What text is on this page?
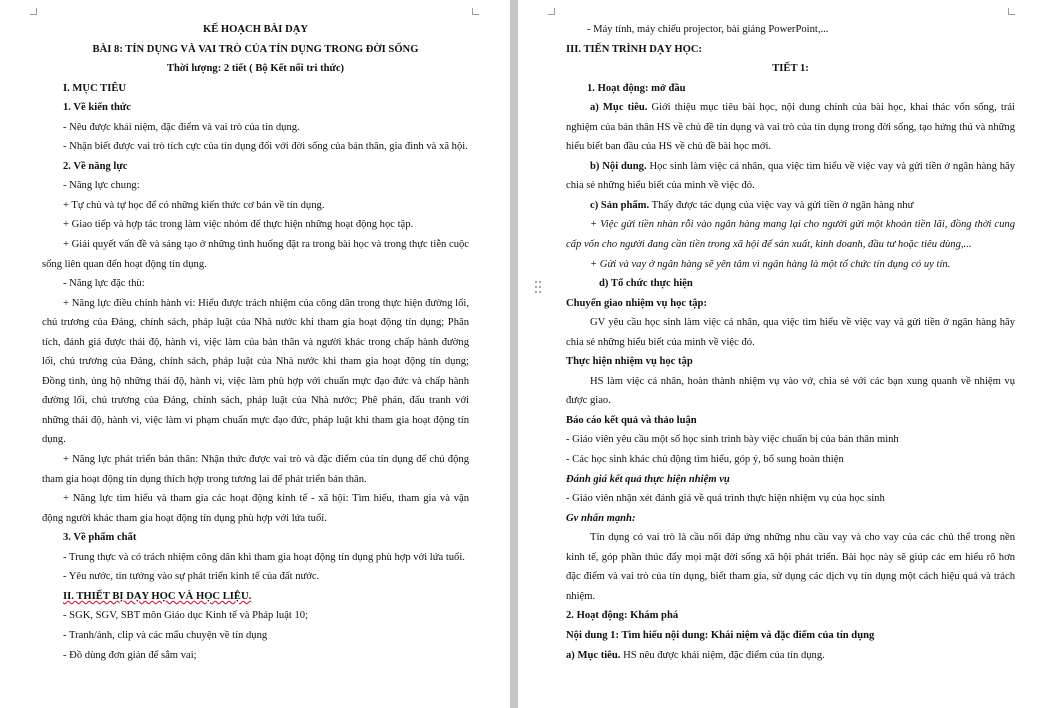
KẾ HOẠCH BÀI DẠY

BÀI 8: TÍN DỤNG VÀ VAI TRÒ CỦA TÍN DỤNG TRONG ĐỜI SỐNG

Thời lượng: 2 tiết ( Bộ Kết nối tri thức)

I. MỤC TIÊU

1. Về kiến thức

- Nêu được khái niệm, đặc điểm và vai trò của tín dụng.

- Nhận biết được vai trò tích cực của tín dụng đối với đời sống của bản thân, gia đình và xã hội.

2. Về năng lực

- Năng lực chung:

+ Tự chủ và tự học để có những kiến thức cơ bản về tín dụng.

+ Giao tiếp và hợp tác trong làm việc nhóm để thực hiện những hoạt động học tập.

+ Giải quyết vấn đề và sáng tạo ở những tình huống đặt ra trong bài học và trong thực tiễn cuộc sống liên quan đến hoạt động tín dụng.

- Năng lực đặc thù:

+ Năng lực điều chỉnh hành vi: Hiểu được trách nhiệm của công dân trong thực hiện đường lối, chủ trương của Đảng, chính sách, pháp luật của Nhà nước khi tham gia hoạt động tín dụng; Phân tích, đánh giá được thái độ, hành vi, việc làm của bản thân và người khác trong chấp hành đường lối, chủ trương của Đảng, chính sách, pháp luật của Nhà nước khi tham gia hoạt động tín dụng; Đồng tình, ủng hộ những thái độ, hành vi, việc làm phù hợp với chuẩn mực đạo đức và chấp hành đường lối, chủ trương của Đảng, chính sách, pháp luật của Nhà nước; Phê phán, đấu tranh với những thái độ, hành vi, việc làm vi phạm chuẩn mực đạo đức, pháp luật khi tham gia hoạt động tín dụng.

+ Năng lực phát triển bản thân: Nhận thức được vai trò và đặc điểm của tín dụng để chủ động tham gia hoạt động tín dụng thích hợp trong tương lai để phát triển bản thân.

+ Năng lực tìm hiểu và tham gia các hoạt động kinh tế - xã hội: Tìm hiểu, tham gia và vận động người khác tham gia hoạt động tín dụng phù hợp với lứa tuổi.

3. Về phẩm chất

- Trung thực và có trách nhiệm công dân khi tham gia hoạt động tín dụng phù hợp với lứa tuổi.

- Yêu nước, tin tưởng vào sự phát triển kinh tế của đất nước.

II. THIẾT BỊ DẠY HỌC VÀ HỌC LIỆU.

- SGK, SGV, SBT môn Giáo dục Kinh tế và Pháp luật 10;

- Tranh/ảnh, clip và các mẩu chuyện về tín dụng

- Đồ dùng đơn giản để sắm vai;

- Máy tính, máy chiếu projector, bài giảng PowerPoint,...

III. TIẾN TRÌNH DẠY HỌC:

TIẾT 1:

1. Hoạt động: mở đầu

a) Mục tiêu. Giới thiệu mục tiêu bài học, nội dung chính của bài học, khai thác vốn sống, trải nghiệm của bản thân HS về chủ đề tín dụng và vai trò của tín dụng trong đời sống, tạo hứng thú và những hiểu biết ban đầu của HS về chủ đề bài học mới.

b) Nội dung. Học sinh làm việc cá nhân, qua việc tìm hiểu về việc vay và gửi tiền ở ngân hàng hãy chia sẻ những hiểu biết của mình về việc đó.

c) Sản phẩm. Thấy được tác dụng của việc vay và gửi tiền ở ngân hàng như

+ Việc gửi tiền nhàn rỗi vào ngân hàng mang lại cho người gửi một khoản tiền lãi, đồng thời cung cấp vốn cho người đang cần tiền trong xã hội để sản xuất, kinh doanh, đầu tư hoặc tiêu dùng,...

+ Gửi và vay ở ngân hàng sẽ yên tâm vì ngân hàng là một tổ chức tín dụng có uy tín.

d) Tổ chức thực hiện

Chuyển giao nhiệm vụ học tập:

GV yêu cầu học sinh làm việc cá nhân, qua việc tìm hiểu về việc vay và gửi tiền ở ngân hàng hãy chia sẻ những hiểu biết của mình về việc đó.

Thực hiện nhiệm vụ học tập

HS làm việc cá nhân, hoàn thành nhiệm vụ vào vở, chia sẻ với các bạn xung quanh về nhiệm vụ được giao.

Báo cáo kết quả và thảo luận

- Giáo viên yêu cầu một số học sinh trình bày việc chuẩn bị của bản thân mình

- Các học sinh khác chủ động tìm hiểu, góp ý, bổ sung hoàn thiện

Đánh giá kết quả thực hiện nhiệm vụ

- Giáo viên nhận xét đánh giá về quá trình thực hiện nhiệm vụ của học sinh

Gv nhấn mạnh:

Tín dụng có vai trò là cầu nối đáp ứng những nhu cầu vay và cho vay của các chủ thể trong nền kinh tế, góp phần thúc đẩy mọi mặt đời sống xã hội phát triển. Bài học này sẽ giúp các em hiểu rõ hơn đặc điểm và vai trò của tín dụng, biết tham gia, sử dụng các dịch vụ tín dụng một cách hiệu quả và trách nhiệm.

2. Hoạt động: Khám phá

Nội dung 1: Tìm hiểu nội dung: Khái niệm và đặc điểm của tín dụng

a) Mục tiêu. HS nêu được khái niệm, đặc điểm của tín dụng.
